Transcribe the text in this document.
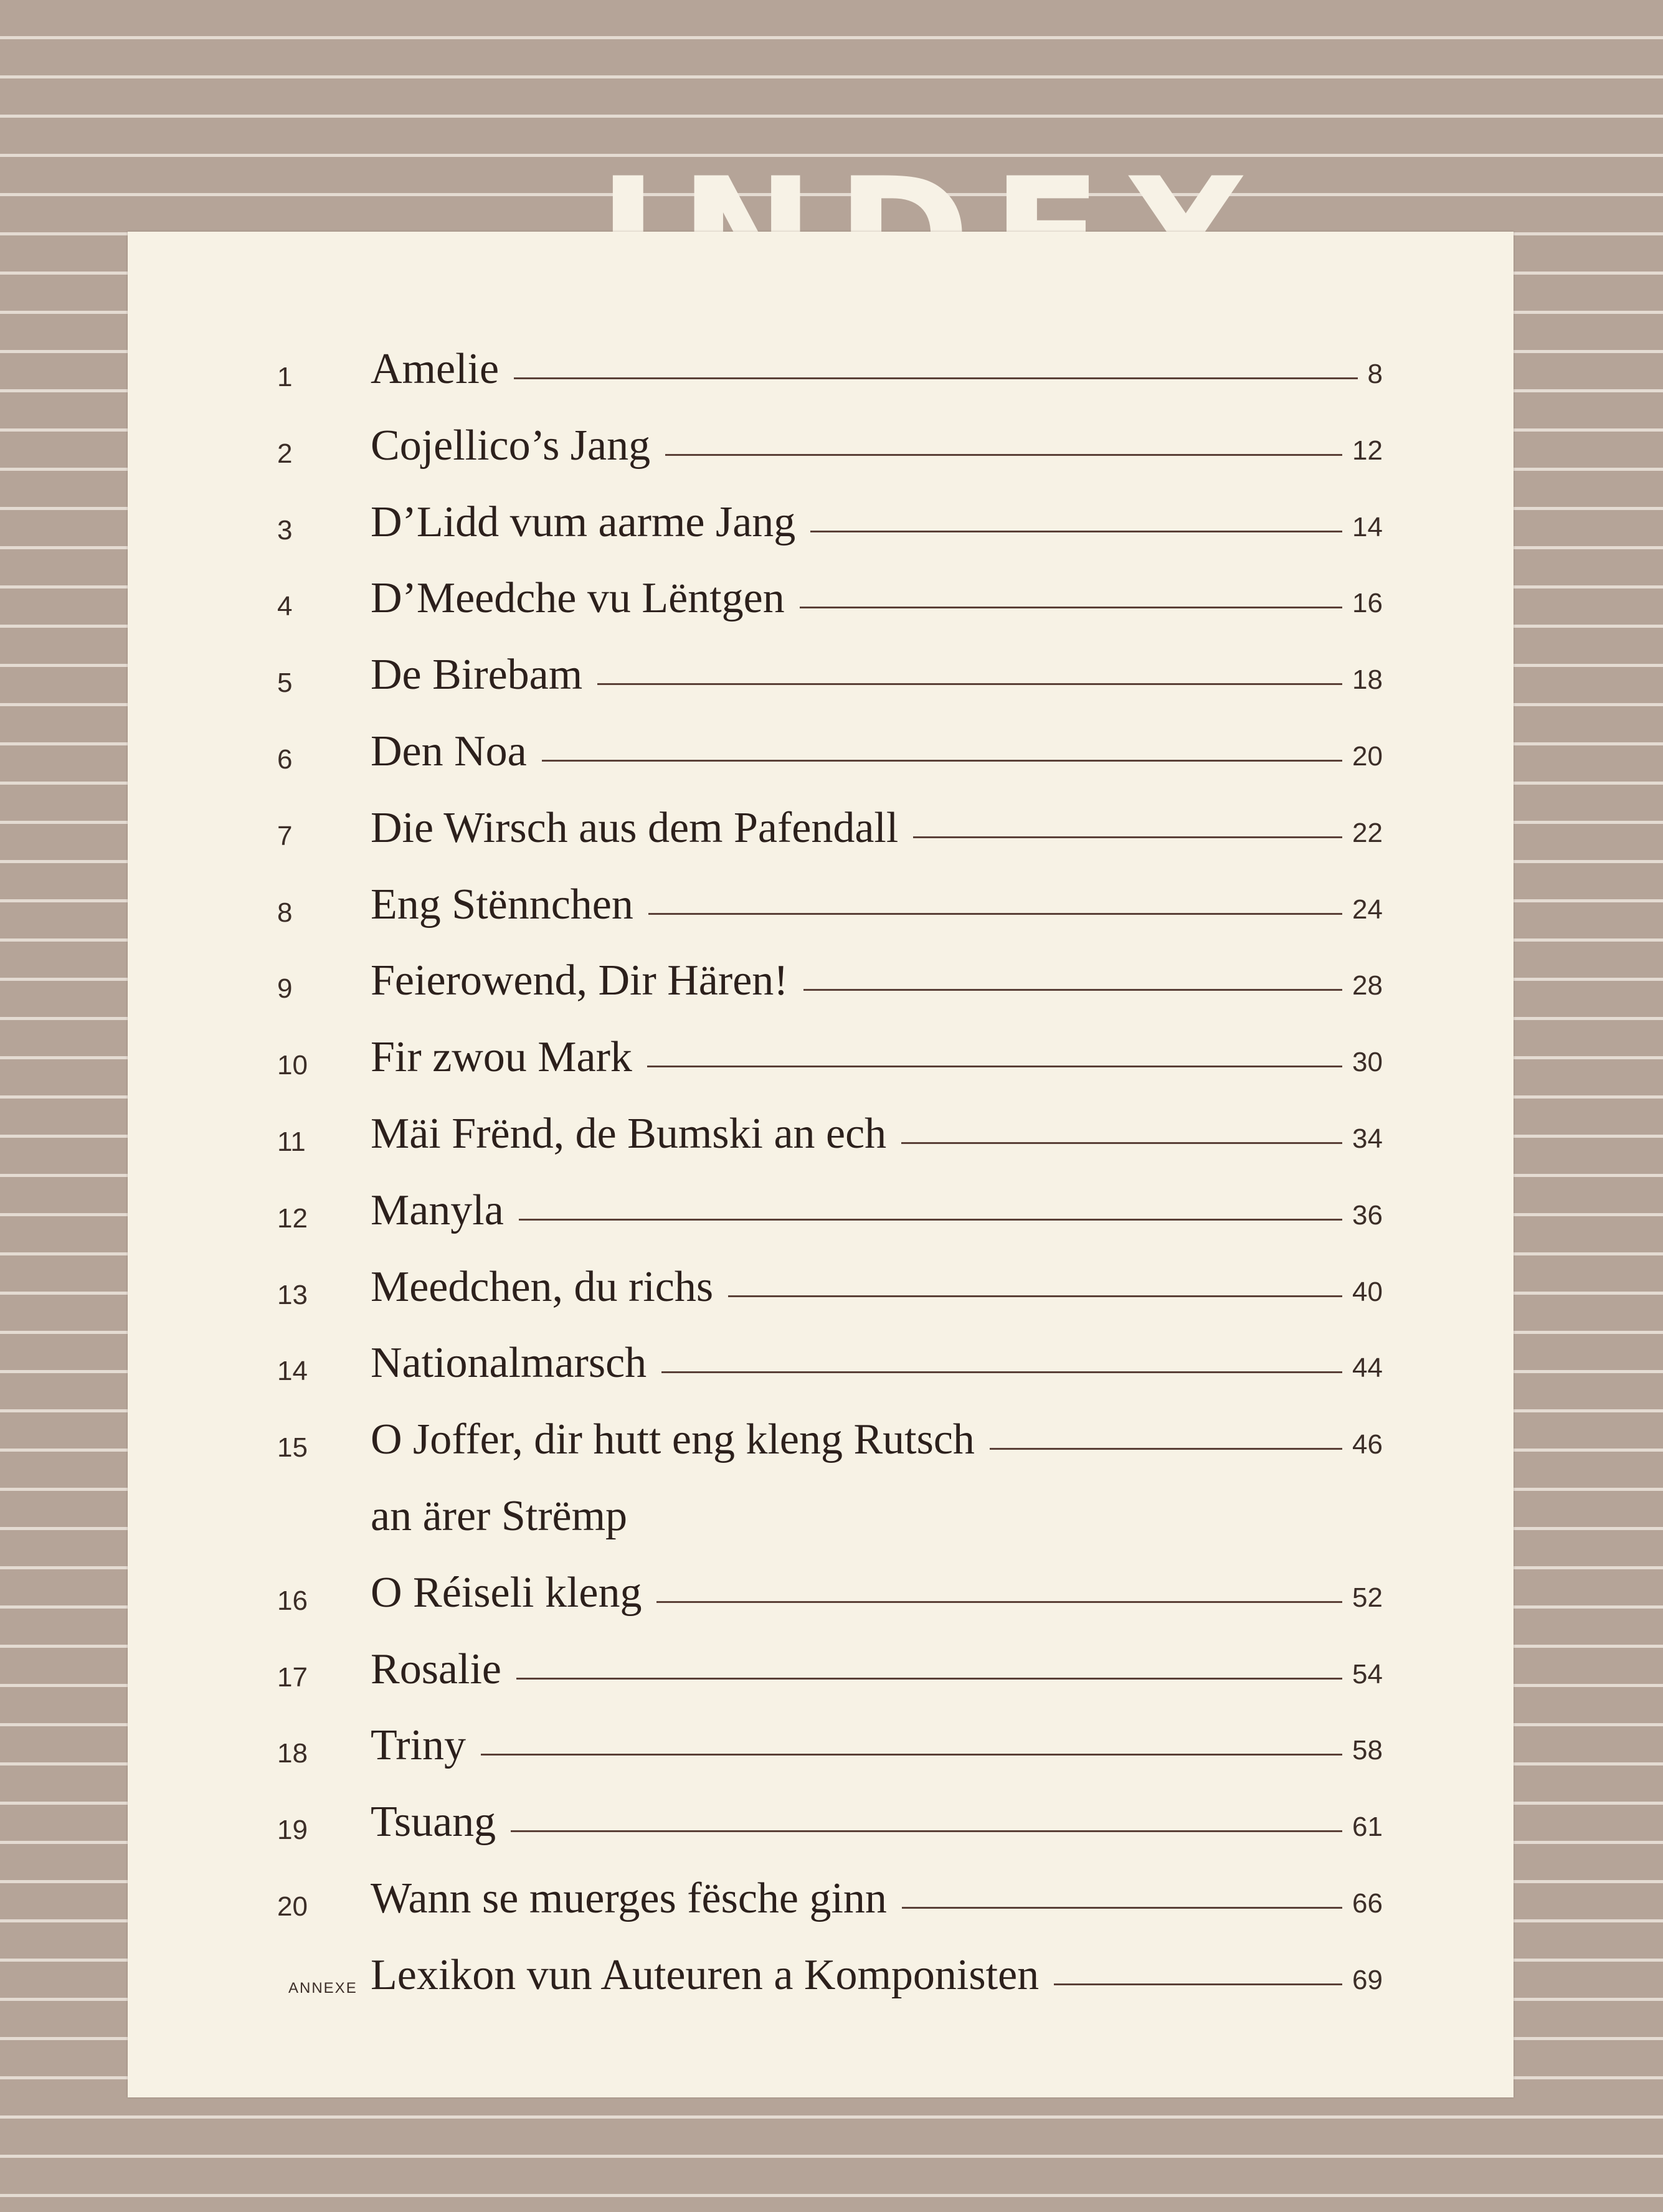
1 Amelie	8
2 Cojellico’s Jang	12
3 D’Lidd vum aarme Jang	14
4 D’Meedche vu Lëntgen	16
5 De Birebam	18
6 Den Noa	20
7 Die Wirsch aus dem Pafendall	22
8 Eng Stënnchen	24
9 Feierowend, Dir Hären!	28
10 Fir zwou Mark	30
11 Mäi Frënd, de Bumski an ech	34
12 Manyla	36
13 Meedchen, du richs	40
14 Nationalmarsch	44
15 O Joffer, dir hutt eng kleng Rutsch	46
an ärer Strëmp
16 O Réiseli kleng	52
17 Rosalie	54
18 Triny	58
19 Tsuang	61
20 Wann se muerges fësche ginn	66
ANNEXE Lexikon vun Auteuren a Komponisten	69
